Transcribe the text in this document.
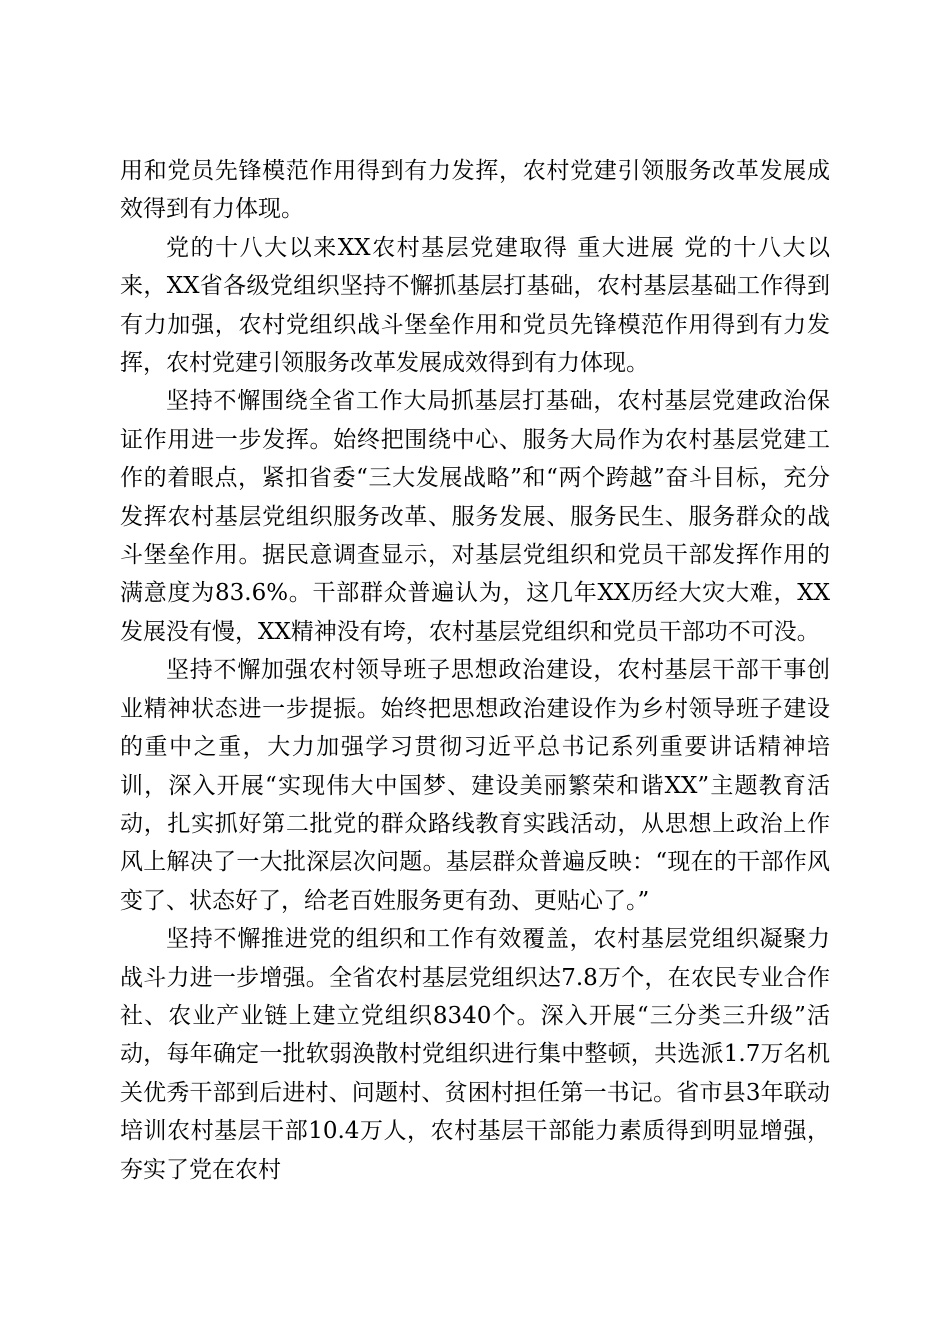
用和党员先锋模范作用得到有力发挥，农村党建引领服务改革发展成效得到有力体现。

党的十八大以来XX农村基层党建取得 重大进展 党的十八大以来，XX省各级党组织坚持不懈抓基层打基础，农村基层基础工作得到有力加强，农村党组织战斗堡垒作用和党员先锋模范作用得到有力发挥，农村党建引领服务改革发展成效得到有力体现。

坚持不懈围绕全省工作大局抓基层打基础，农村基层党建政治保证作用进一步发挥。始终把围绕中心、服务大局作为农村基层党建工作的着眼点，紧扣省委“三大发展战略”和“两个跨越”奋斗目标，充分发挥农村基层党组织服务改革、服务发展、服务民生、服务群众的战斗堡垒作用。据民意调查显示，对基层党组织和党员干部发挥作用的满意度为83.6%。干部群众普遍认为，这几年XX历经大灾大难，XX发展没有慢，XX精神没有垮，农村基层党组织和党员干部功不可没。

坚持不懈加强农村领导班子思想政治建设，农村基层干部干事创业精神状态进一步提振。始终把思想政治建设作为乡村领导班子建设的重中之重，大力加强学习贯彻习近平总书记系列重要讲话精神培训，深入开展“实现伟大中国梦、建设美丽繁荣和谐XX”主题教育活动，扎实抓好第二批党的群众路线教育实践活动，从思想上政治上作风上解决了一大批深层次问题。基层群众普遍反映：“现在的干部作风变了、状态好了，给老百姓服务更有劲、更贴心了。”

坚持不懈推进党的组织和工作有效覆盖，农村基层党组织凝聚力战斗力进一步增强。全省农村基层党组织达7.8万个，在农民专业合作社、农业产业链上建立党组织8340个。深入开展“三分类三升级”活动，每年确定一批软弱涣散村党组织进行集中整顿，共选派1.7万名机关优秀干部到后进村、问题村、贫困村担任第一书记。省市县3年联动培训农村基层干部10.4万人，农村基层干部能力素质得到明显增强，夯实了党在农村
